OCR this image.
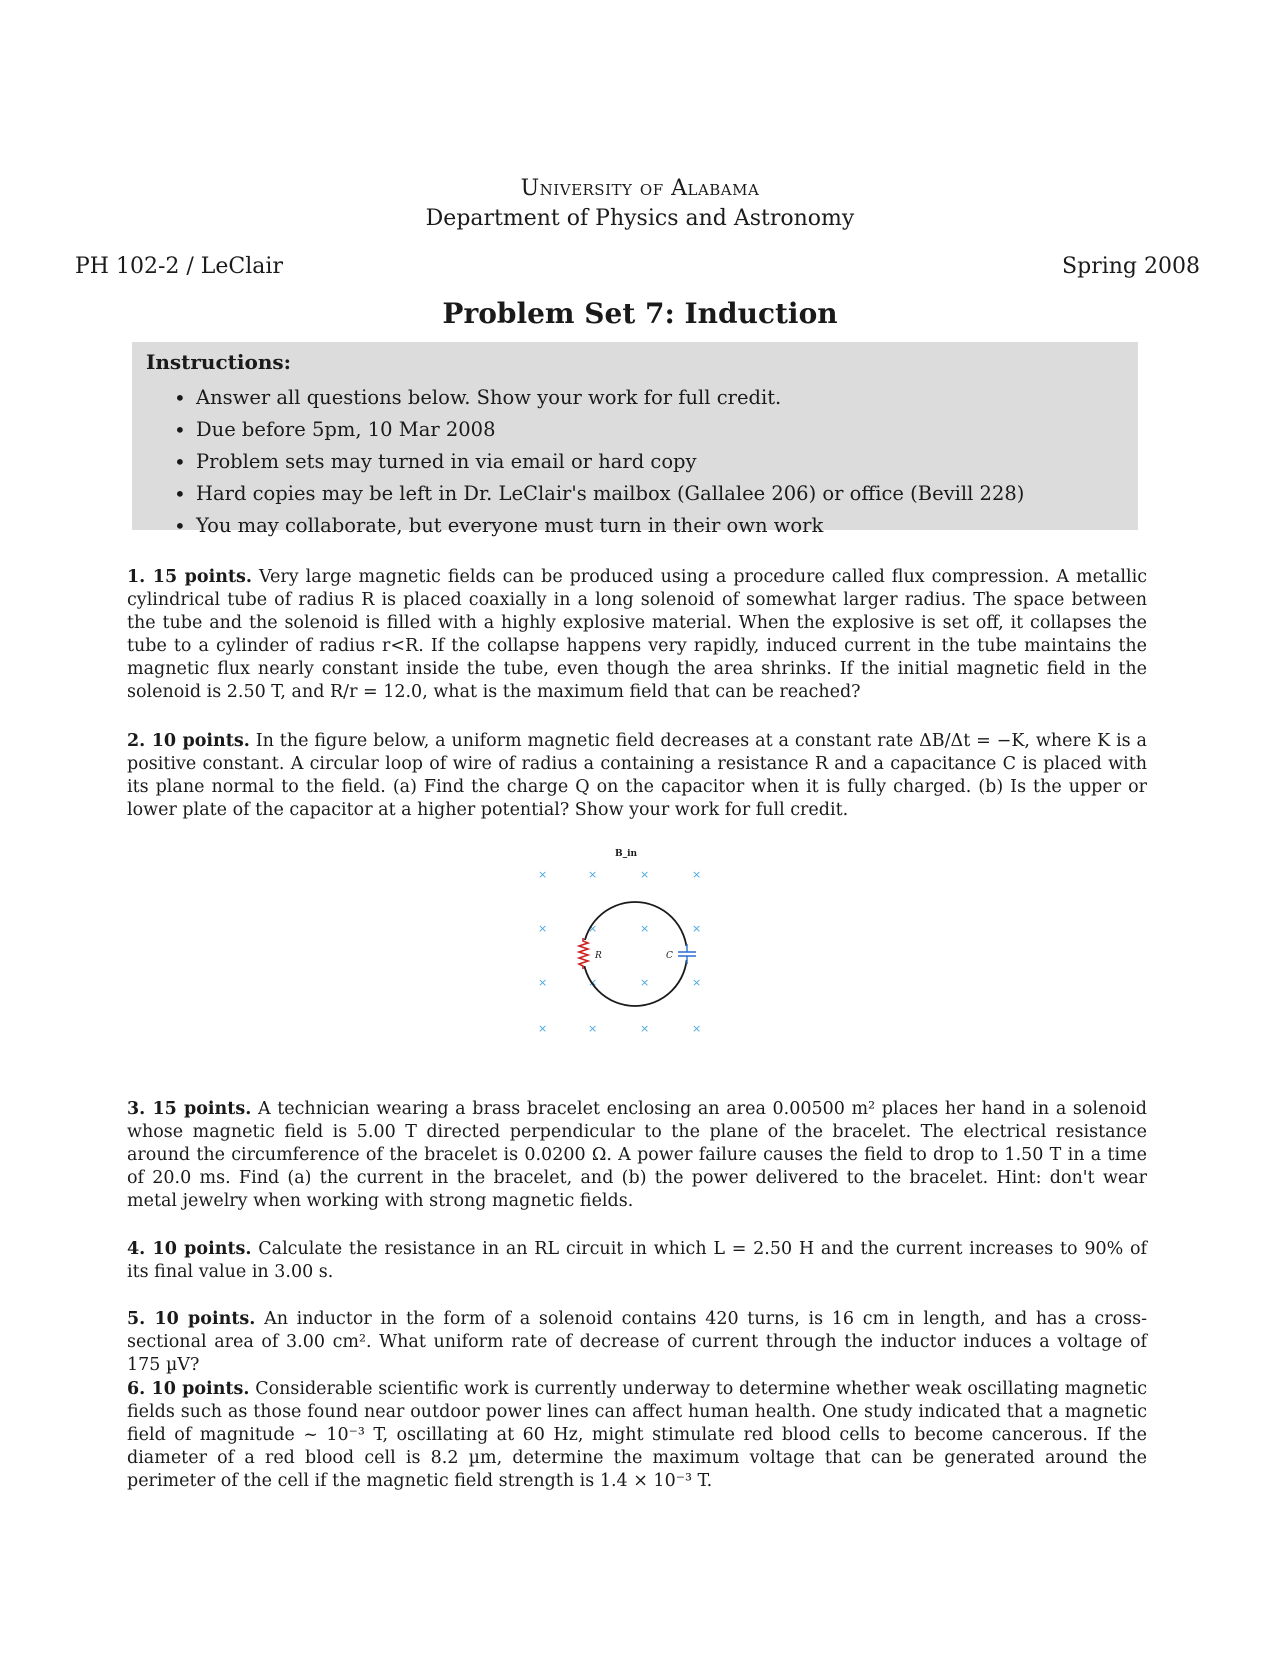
University of Alabama
Department of Physics and Astronomy
PH 102-2 / LeClair	Spring 2008
Problem Set 7: Induction
Instructions:
• Answer all questions below. Show your work for full credit.
• Due before 5pm, 10 Mar 2008
• Problem sets may turned in via email or hard copy
• Hard copies may be left in Dr. LeClair's mailbox (Gallalee 206) or office (Bevill 228)
• You may collaborate, but everyone must turn in their own work
1. 15 points. Very large magnetic fields can be produced using a procedure called flux compression. A metallic cylindrical tube of radius R is placed coaxially in a long solenoid of somewhat larger radius. The space between the tube and the solenoid is filled with a highly explosive material. When the explosive is set off, it collapses the tube to a cylinder of radius r<R. If the collapse happens very rapidly, induced current in the tube maintains the magnetic flux nearly constant inside the tube, even though the area shrinks. If the initial magnetic field in the solenoid is 2.50 T, and R/r = 12.0, what is the maximum field that can be reached?
2. 10 points. In the figure below, a uniform magnetic field decreases at a constant rate ΔB/Δt = −K, where K is a positive constant. A circular loop of wire of radius a containing a resistance R and a capacitance C is placed with its plane normal to the field. (a) Find the charge Q on the capacitor when it is fully charged. (b) Is the upper or lower plate of the capacitor at a higher potential? Show your work for full credit.
B_in
×	×	×	×
×	×	×	×
×	×	×	×
×	×	×	×
R	C
3. 15 points. A technician wearing a brass bracelet enclosing an area 0.00500 m² places her hand in a solenoid whose magnetic field is 5.00 T directed perpendicular to the plane of the bracelet. The electrical resistance around the circumference of the bracelet is 0.0200 Ω. A power failure causes the field to drop to 1.50 T in a time of 20.0 ms. Find (a) the current in the bracelet, and (b) the power delivered to the bracelet. Hint: don't wear metal jewelry when working with strong magnetic fields.
4. 10 points. Calculate the resistance in an RL circuit in which L = 2.50 H and the current increases to 90% of its final value in 3.00 s.
5. 10 points. An inductor in the form of a solenoid contains 420 turns, is 16 cm in length, and has a cross-sectional area of 3.00 cm². What uniform rate of decrease of current through the inductor induces a voltage of 175 µV?
6. 10 points. Considerable scientific work is currently underway to determine whether weak oscillating magnetic fields such as those found near outdoor power lines can affect human health. One study indicated that a magnetic field of magnitude ~ 10⁻³ T, oscillating at 60 Hz, might stimulate red blood cells to become cancerous. If the diameter of a red blood cell is 8.2 µm, determine the maximum voltage that can be generated around the perimeter of the cell if the magnetic field strength is 1.4 × 10⁻³ T.
